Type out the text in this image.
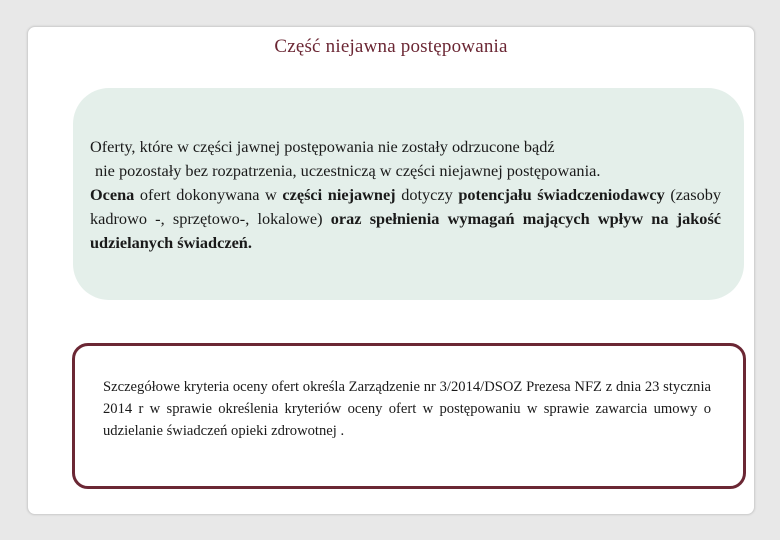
Część niejawna postępowania
Oferty, które w części jawnej postępowania nie zostały odrzucone bądź
nie pozostały bez rozpatrzenia, uczestniczą w części niejawnej postępowania.
Ocena ofert dokonywana w części niejawnej dotyczy potencjału świadczeniodawcy (zasoby kadrowo -, sprzętowo-, lokalowe) oraz spełnienia wymagań mających wpływ na jakość udzielanych świadczeń.
Szczegółowe kryteria oceny ofert określa Zarządzenie nr 3/2014/DSOZ Prezesa NFZ z dnia 23 stycznia 2014 r w sprawie określenia kryteriów oceny ofert w postępowaniu w sprawie zawarcia umowy o udzielanie świadczeń opieki zdrowotnej .
